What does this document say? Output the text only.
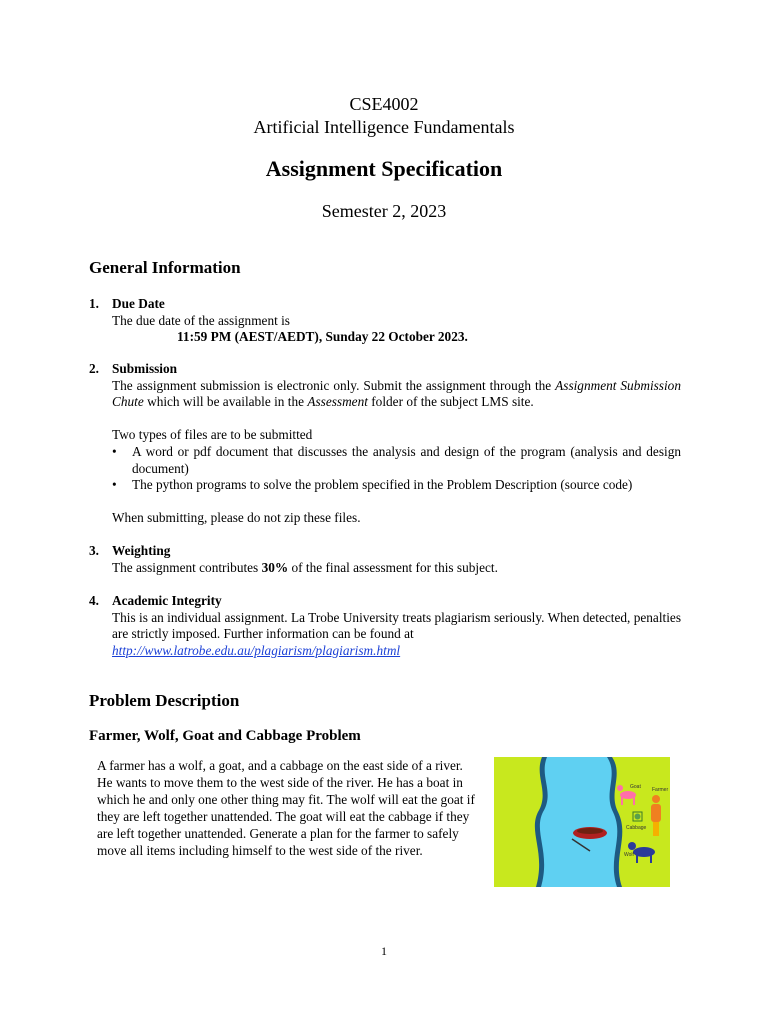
CSE4002
Artificial Intelligence Fundamentals
Assignment Specification
Semester 2, 2023
General Information
1. Due Date
The due date of the assignment is
11:59 PM (AEST/AEDT), Sunday 22 October 2023.
2. Submission
The assignment submission is electronic only. Submit the assignment through the Assignment Submission Chute which will be available in the Assessment folder of the subject LMS site.
Two types of files are to be submitted
• A word or pdf document that discusses the analysis and design of the program (analysis and design document)
• The python programs to solve the problem specified in the Problem Description (source code)
When submitting, please do not zip these files.
3. Weighting
The assignment contributes 30% of the final assessment for this subject.
4. Academic Integrity
This is an individual assignment. La Trobe University treats plagiarism seriously. When detected, penalties are strictly imposed. Further information can be found at
http://www.latrobe.edu.au/plagiarism/plagiarism.html
Problem Description
Farmer, Wolf, Goat and Cabbage Problem
A farmer has a wolf, a goat, and a cabbage on the east side of a river. He wants to move them to the west side of the river. He has a boat in which he and only one other thing may fit. The wolf will eat the goat if they are left together unattended. The goat will eat the cabbage if they are left together unattended. Generate a plan for the farmer to safely move all items including himself to the west side of the river.
Goat Farmer
Cabbage
Wolf
1
